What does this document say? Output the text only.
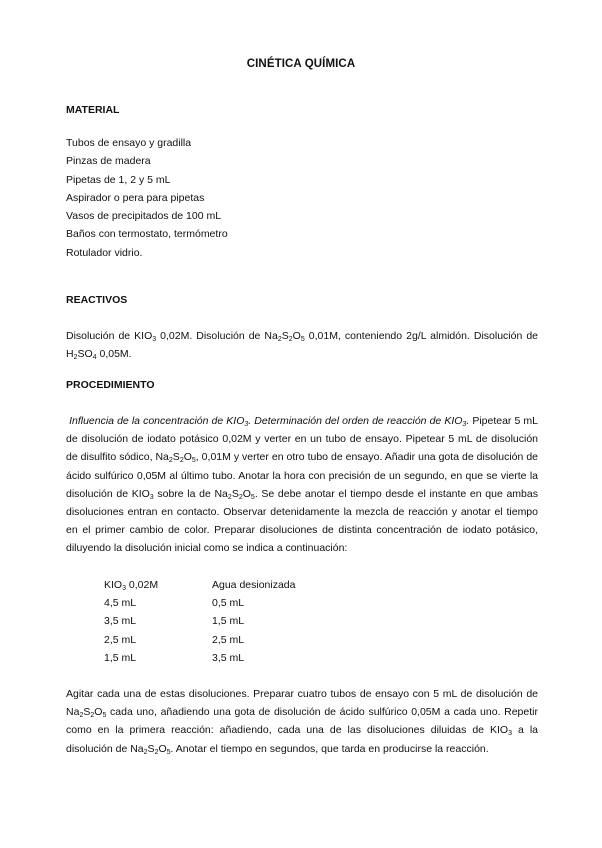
CINÉTICA QUÍMICA
MATERIAL
Tubos de ensayo y gradilla
Pinzas de madera
Pipetas de 1, 2 y 5 mL
Aspirador o pera para pipetas
Vasos de precipitados de 100 mL
Baños con termostato, termómetro
Rotulador vidrio.
REACTIVOS

Disolución de $KIO_3$ 0,02M. Disolución de $Na_2S_2O_5$ 0,01M, conteniendo 2g/L almidón. Disolución de $H_2SO_4$ 0,05M.

PROCEDIMIENTO

Influencia de la concentración de $KIO_3$. Determinación del orden de reacción de $KIO_3$. Pipetear 5 mL de disolución de iodato potásico 0,02M y verter en un tubo de ensayo. Pipetear 5 mL de disolución de disulfito sódico, $Na_2S_2O_5$, 0,01M y verter en otro tubo de ensayo. Añadir una gota de disolución de ácido sulfúrico 0,05M al último tubo. Anotar la hora con precisión de un segundo, en que se vierte la disolución de $KIO_3$ sobre la de $Na_2S_2O_5$. Se debe anotar el tiempo desde el instante en que ambas disoluciones entran en contacto. Observar detenidamente la mezcla de reacción y anotar el tiempo en el primer cambio de color. Preparar disoluciones de distinta concentración de iodato potásico, diluyendo la disolución inicial como se indica a continuación:

$KIO_3$ 0,02M	Agua desionizada
4,5 mL	0,5 mL
3,5 mL	1,5 mL
2,5 mL	2,5 mL
1,5 mL	3,5 mL

Agitar cada una de estas disoluciones. Preparar cuatro tubos de ensayo con 5 mL de disolución de $Na_2S_2O_5$ cada uno, añadiendo una gota de disolución de ácido sulfúrico 0,05M a cada uno. Repetir como en la primera reacción: añadiendo, cada una de las disoluciones diluidas de $KIO_3$ a la disolución de $Na_2S_2O_5$. Anotar el tiempo en segundos, que tarda en producirse la reacción.
